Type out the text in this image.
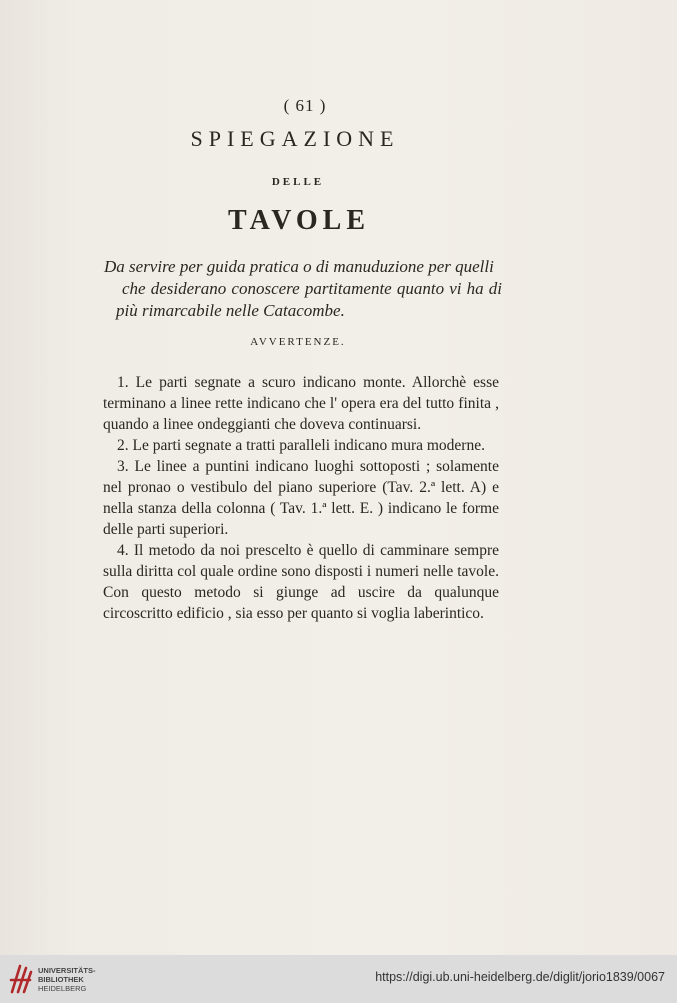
( 61 )
SPIEGAZIONE
DELLE
TAVOLE
Da servire per guida pratica o di manuduzione per quelli
che desiderano conoscere partitamente quanto vi ha di
più rimarcabile nelle Catacombe.
AVVERTENZE.

1. Le parti segnate a scuro indicano monte. Allorchè esse terminano a linee rette indicano che l' opera era del tutto finita , quando a linee ondeggianti che doveva continuarsi.

2. Le parti segnate a tratti paralleli indicano mura moderne.

3. Le linee a puntini indicano luoghi sottoposti ; solamente nel pronao o vestibulo del piano superiore (Tav. 2.ª lett. A) e nella stanza della colonna ( Tav. 1.ª lett. E. ) indicano le forme delle parti superiori.

4. Il metodo da noi prescelto è quello di camminare sempre sulla diritta col quale ordine sono disposti i numeri nelle tavole. Con questo metodo si giunge ad uscire da qualunque circoscritto edificio , sia esso per quanto si voglia laberintico.

UNIVERSITÄTS-
BIBLIOTHEK
HEIDELBERG
https://digi.ub.uni-heidelberg.de/diglit/jorio1839/0067
